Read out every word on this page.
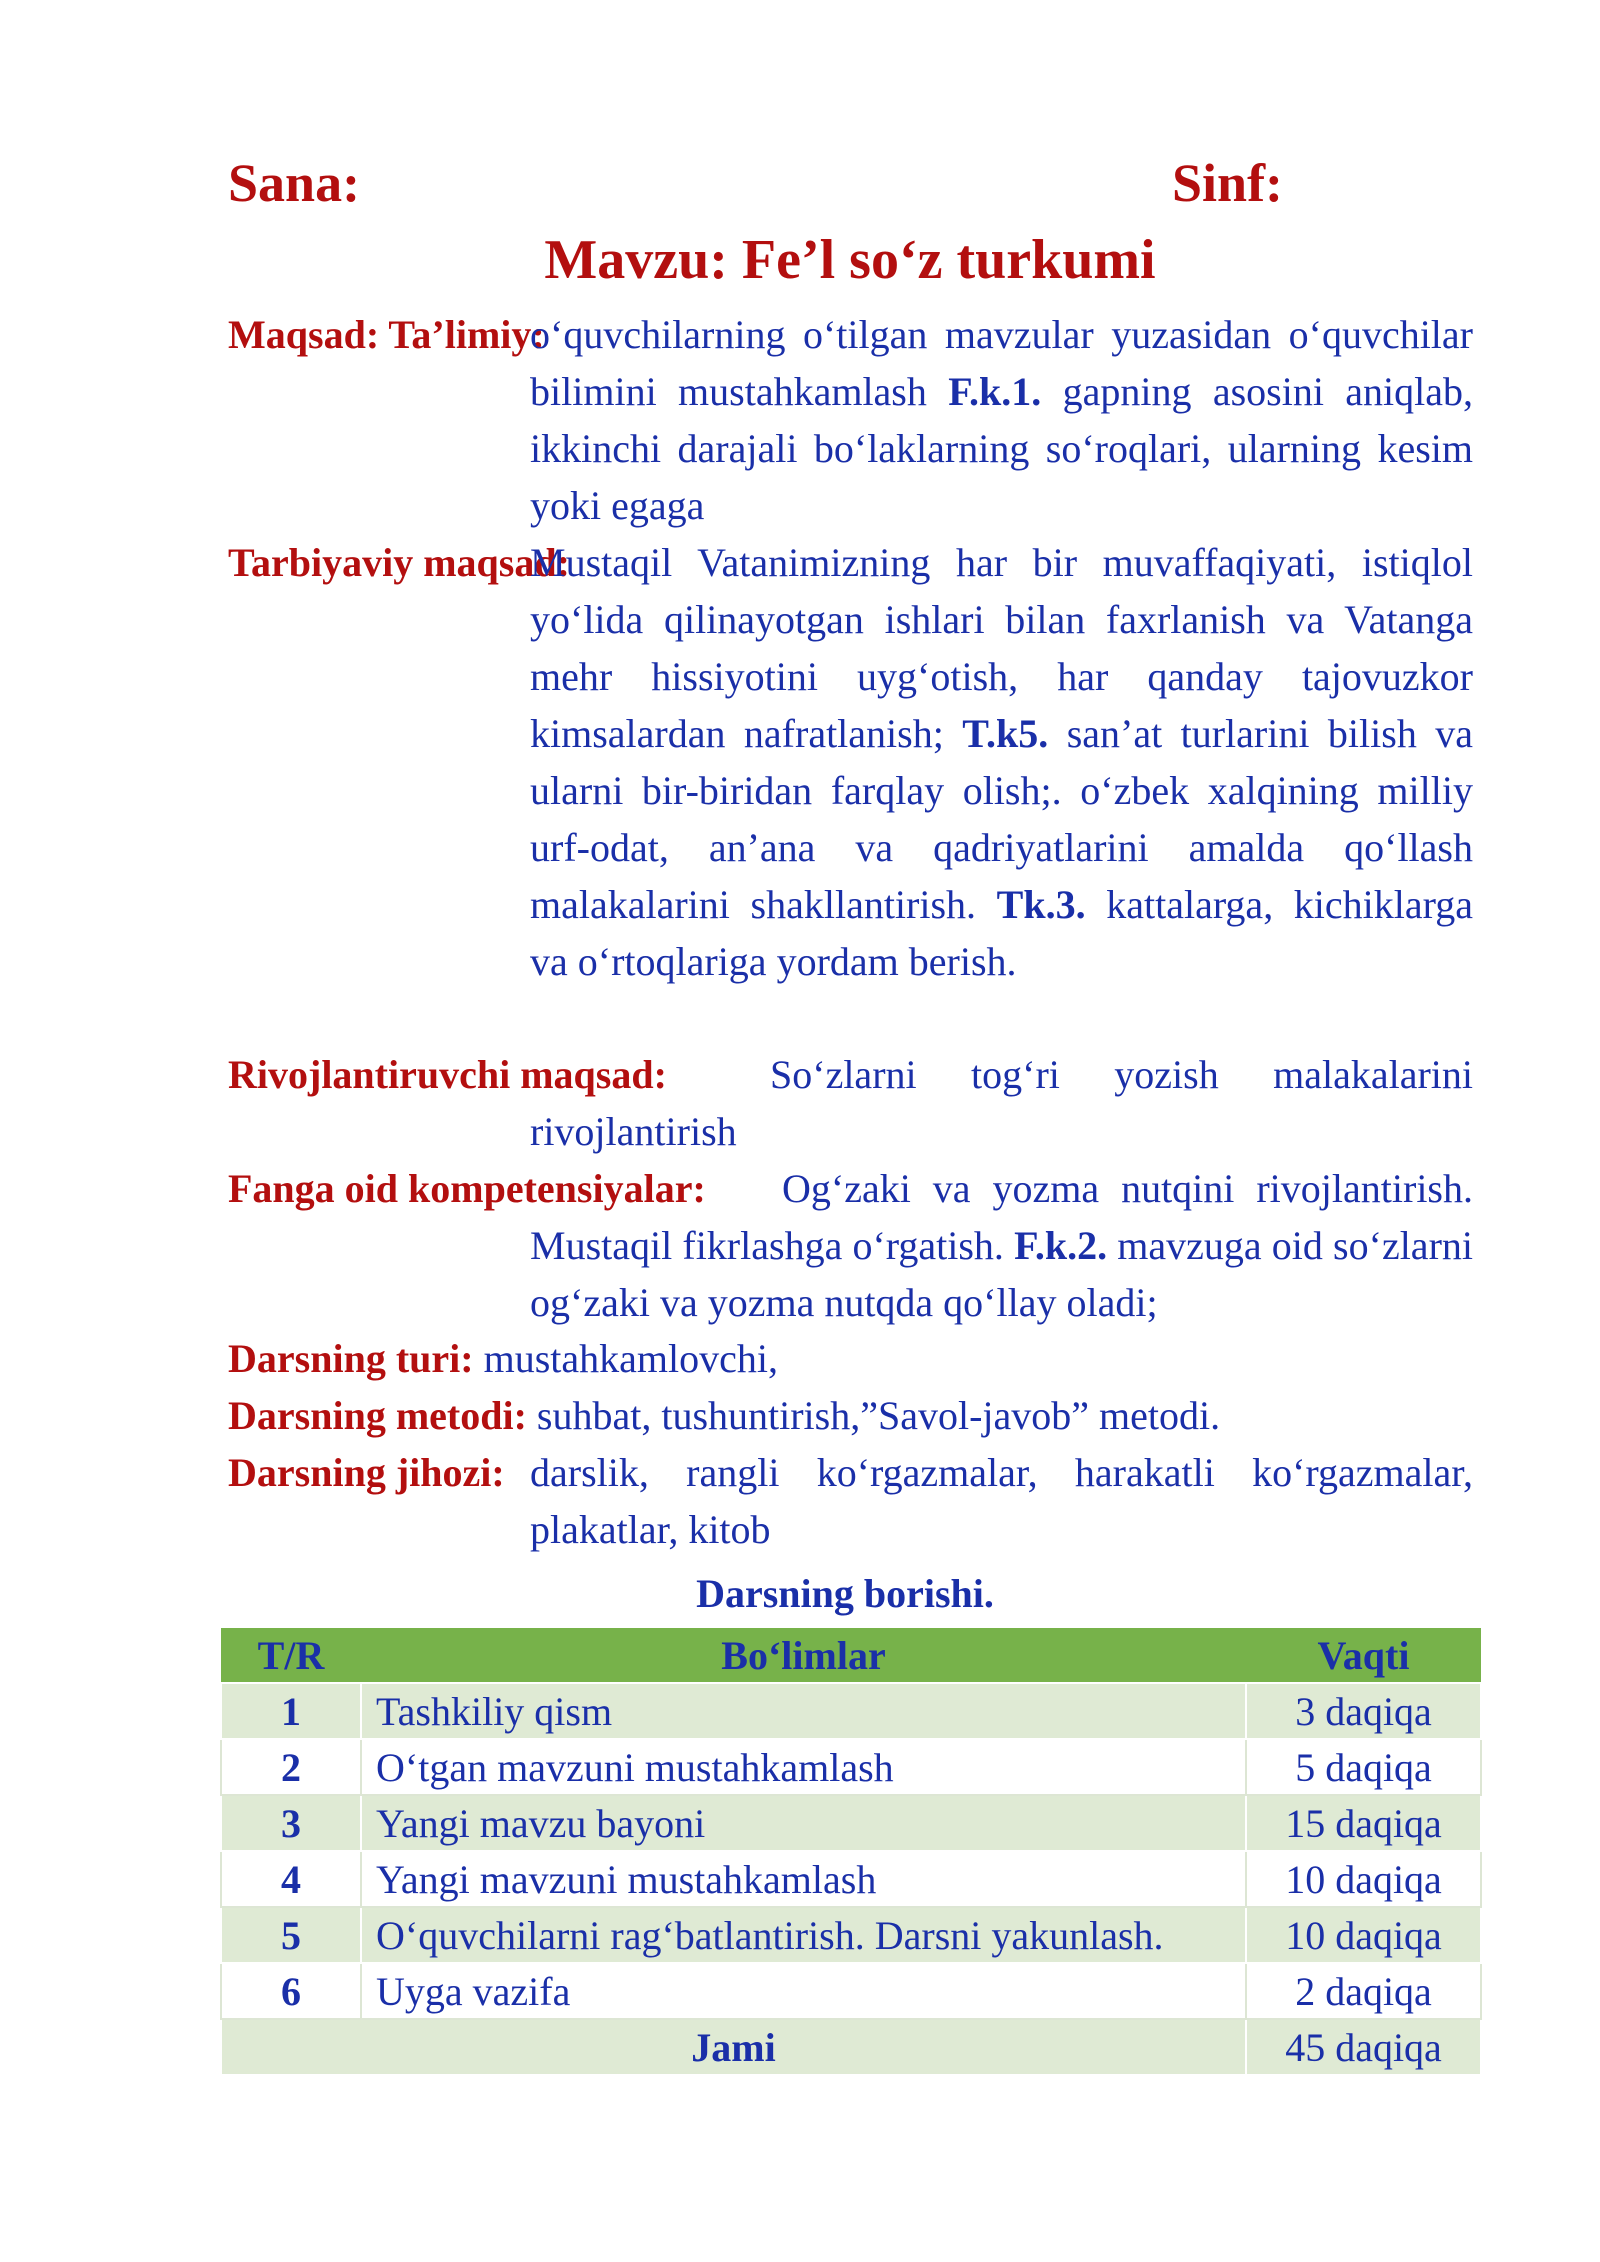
Sana:	Sinf:
Mavzu: Fe’l so‘z turkumi
Maqsad: Ta’limiy:
o‘quvchilarning o‘tilgan mavzular yuzasidan o‘quvchilar bilimini mustahkamlash F.k.1. gapning asosini aniqlab, ikkinchi darajali bo‘laklarning so‘roqlari, ularning kesim yoki egaga
Tarbiyaviy maqsad:
Mustaqil Vatanimizning har bir muvaffaqiyati, istiqlol yo‘lida qilinayotgan ishlari bilan faxrlanish va Vatanga mehr hissiyotini uyg‘otish, har qanday tajovuzkor kimsalardan nafratlanish; T.k5. san’at turlarini bilish va ularni bir-biridan farqlay olish;. o‘zbek xalqining milliy urf-odat, an’ana va qadriyatlarini amalda qo‘llash malakalarini shakllantirish. Tk.3. kattalarga, kichiklarga va o‘rtoqlariga yordam berish.
Rivojlantiruvchi maqsad:	So‘zlarni tog‘ri yozish malakalarini rivojlantirish
Fanga oid kompetensiyalar:	Og‘zaki va yozma nutqini rivojlantirish. Mustaqil fikrlashga o‘rgatish. F.k.2. mavzuga oid so‘zlarni og‘zaki va yozma nutqda qo‘llay oladi;
Darsning turi: mustahkamlovchi,
Darsning metodi: suhbat, tushuntirish,”Savol-javob” metodi.
Darsning jihozi: darslik, rangli ko‘rgazmalar, harakatli ko‘rgazmalar, plakatlar, kitob
Darsning borishi.
T/R	Bo‘limlar	Vaqti
1	Tashkiliy qism	3 daqiqa
2	O‘tgan mavzuni mustahkamlash	5 daqiqa
3	Yangi mavzu bayoni	15 daqiqa
4	Yangi mavzuni mustahkamlash	10 daqiqa
5	O‘quvchilarni rag‘batlantirish. Darsni yakunlash.	10 daqiqa
6	Uyga vazifa	2 daqiqa
Jami		45 daqiqa
